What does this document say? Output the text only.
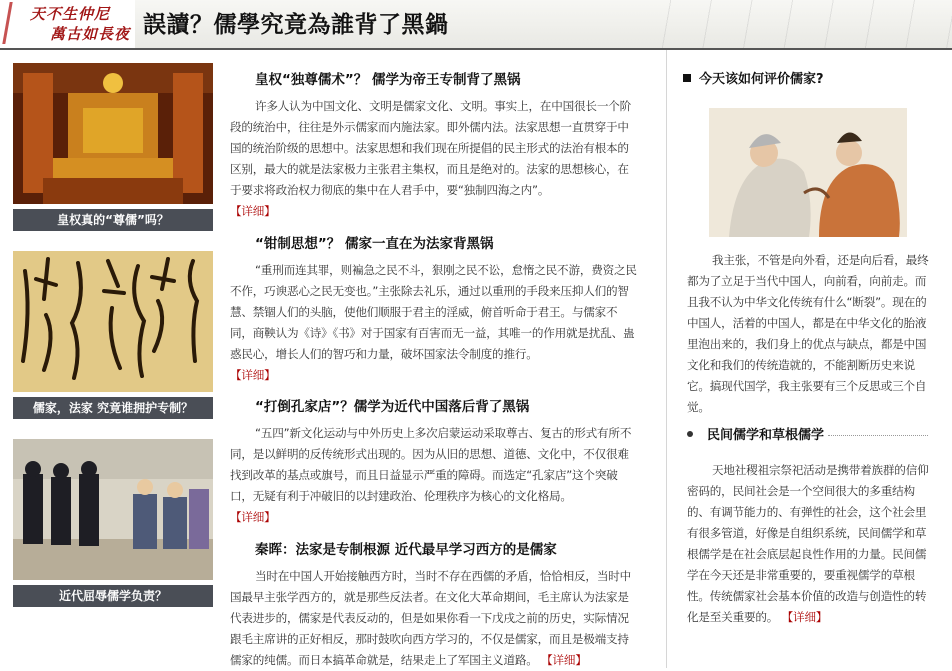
天不生仲尼
萬古如長夜 誤讀？儒學究竟為誰背了黑鍋
皇权真的“尊儒”吗？
儒家，法家 究竟谁拥护专制？
近代屈辱儒学负责？
皇权“独尊儒术”？ 儒学为帝王专制背了黑锅

许多人认为中国文化、文明是儒家文化、文明。事实上，在中国很长一个阶段的统治中，往往是外示儒家而内施法家。即外儒内法。法家思想一直贯穿于中国的统治阶级的思想中。法家思想和我们现在所提倡的民主形式的法治有根本的区别，最大的就是法家极力主张君主集权，而且是绝对的。法家的思想核心，在于要求将政治权力彻底的集中在人君手中，要“独制四海之内”。
【详细】

“钳制思想”？ 儒家一直在为法家背黑锅

“重刑而连其罪，则褊急之民不斗，狠刚之民不讼，怠惰之民不游，费资之民不作，巧谀恶心之民无变也。”主张除去礼乐，通过以重刑的手段来压抑人们的智慧、禁锢人们的头脑，使他们顺服于君主的淫威，俯首听命于君王。与儒家不同，商鞅认为《诗》《书》对于国家有百害而无一益，其唯一的作用就是扰乱、蛊惑民心，增长人们的智巧和力量，破坏国家法令制度的推行。
【详细】

“打倒孔家店”？儒学为近代中国落后背了黑锅

“五四”新文化运动与中外历史上多次启蒙运动采取尊古、复古的形式有所不同，是以鲜明的反传统形式出现的。因为从旧的思想、道德、文化中，不仅很难找到改革的基点或旗号，而且日益显示严重的障碍。而选定“孔家店”这个突破口，无疑有利于冲破旧的以封建政治、伦理秩序为核心的文化格局。
【详细】

秦晖：法家是专制根源 近代最早学习西方的是儒家

当时在中国人开始接触西方时，当时不存在西儒的矛盾，恰恰相反，当时中国最早主张学西方的，就是那些反法者。在文化大革命期间，毛主席认为法家是代表进步的，儒家是代表反动的，但是如果你看一下戊戌之前的历史，实际情况跟毛主席讲的正好相反，那时鼓吹向西方学习的，不仅是儒家，而且是极端支持儒家的纯儒。而日本搞革命就是，结果走上了军国主义道路。 【详细】

今天该如何评价儒家?

我主张，不管是向外看，还是向后看，最终都为了立足于当代中国人，向前看，向前走。而且我不认为中华文化传统有什么“断裂”。现在的中国人，活着的中国人，都是在中华文化的胎液里泡出来的，我们身上的优点与缺点，都是中国文化和我们的传统造就的，不能割断历史来说它。搞现代国学，我主张要有三个反思或三个自觉。

民间儒学和草根儒学

天地社稷祖宗祭祀活动是携带着族群的信仰密码的，民间社会是一个空间很大的多重结构的、有调节能力的、有弹性的社会，这个社会里有很多管道，好像是自组织系统，民间儒学和草根儒学是在社会底层起良性作用的力量。民间儒学在今天还是非常重要的，要重视儒学的草根性。传统儒家社会基本价值的改造与创造性的转化是至关重要的。 【详细】
